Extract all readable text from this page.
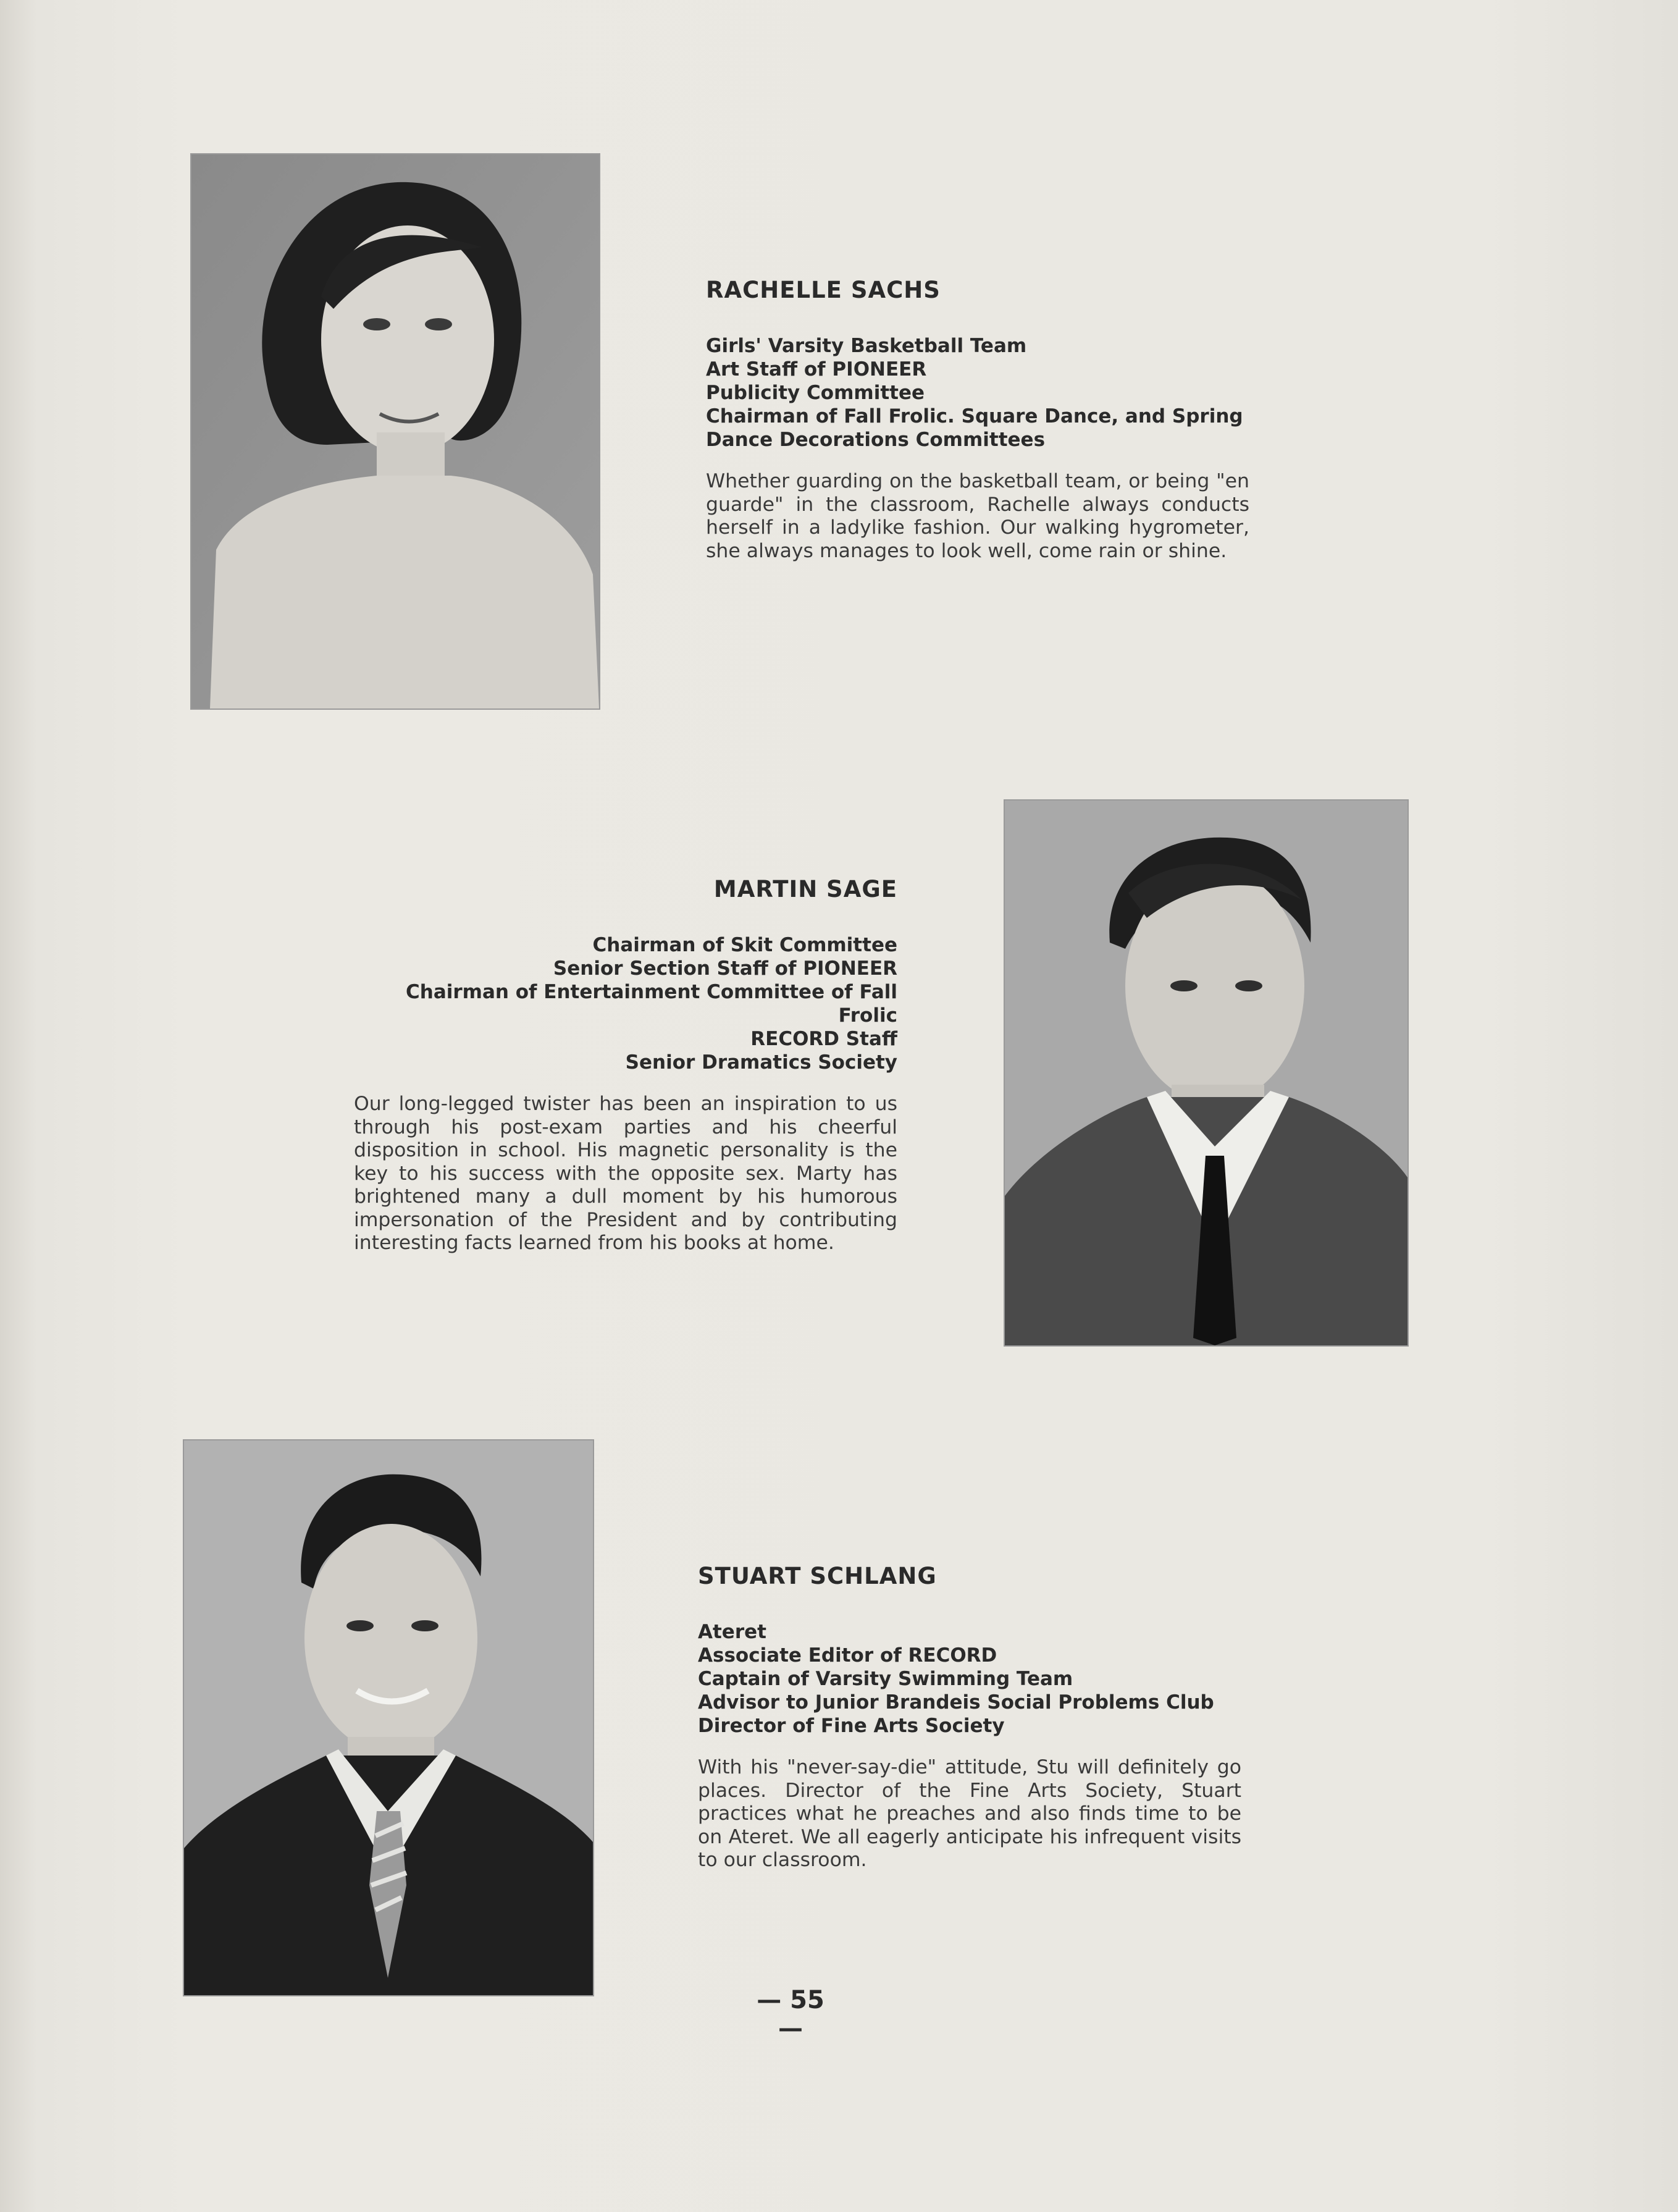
RACHELLE SACHS
Girls' Varsity Basketball Team
Art Staff of PIONEER
Publicity Committee
Chairman of Fall Frolic. Square Dance, and Spring
Dance Decorations Committees

Whether guarding on the basketball team, or being "en guarde" in the classroom, Rachelle always conducts herself in a ladylike fashion. Our walking hygrometer, she always manages to look well, come rain or shine.

MARTIN SAGE
Chairman of Skit Committee
Senior Section Staff of PIONEER
Chairman of Entertainment Committee of Fall Frolic
RECORD Staff
Senior Dramatics Society

Our long-legged twister has been an inspiration to us through his post-exam parties and his cheerful disposition in school. His magnetic personality is the key to his success with the opposite sex. Marty has brightened many a dull moment by his humorous impersonation of the President and by contributing interesting facts learned from his books at home.

STUART SCHLANG
Ateret
Associate Editor of RECORD
Captain of Varsity Swimming Team
Advisor to Junior Brandeis Social Problems Club
Director of Fine Arts Society

With his "never-say-die" attitude, Stu will definitely go places. Director of the Fine Arts Society, Stuart practices what he preaches and also finds time to be on Ateret. We all eagerly anticipate his infrequent visits to our classroom.

— 55 —
